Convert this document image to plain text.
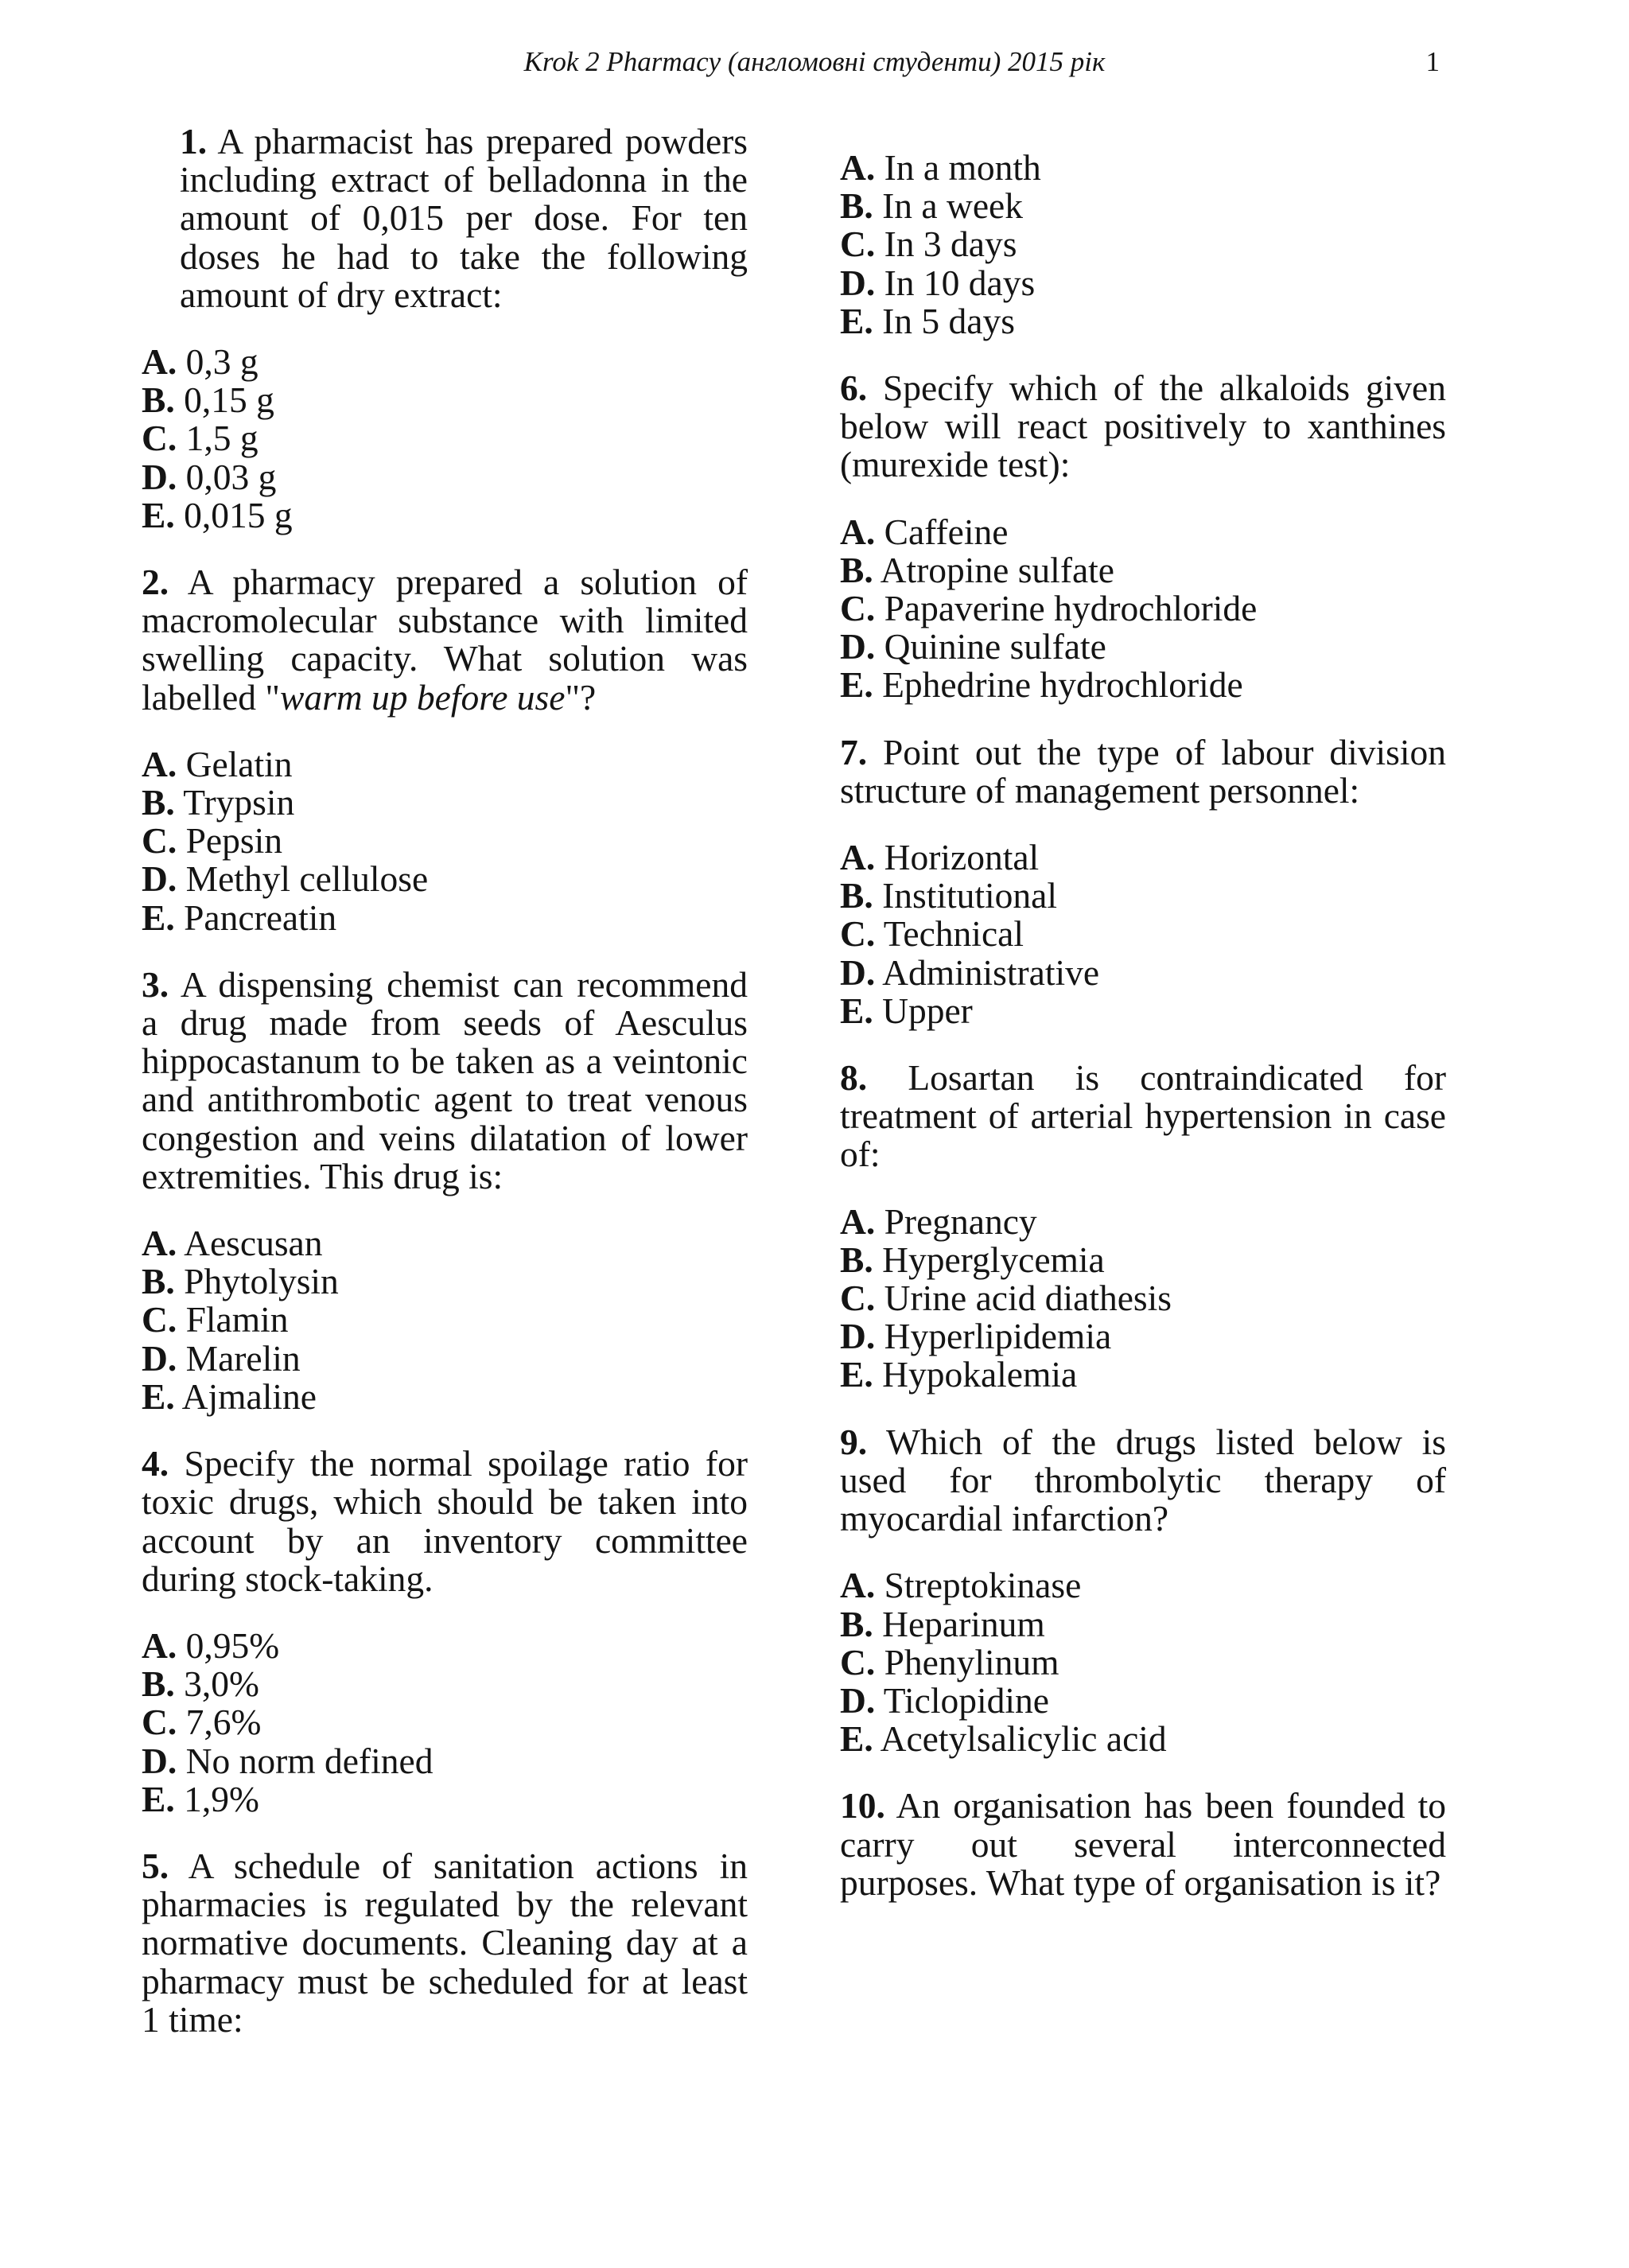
Krok 2 Pharmacy (англомовні студенти) 2015 рік	1
1. A pharmacist has prepared powders including extract of belladonna in the amount of 0,015 per dose. For ten doses he had to take the following amount of dry extract:
A. 0,3 g
B. 0,15 g
C. 1,5 g
D. 0,03 g
E. 0,015 g
2. A pharmacy prepared a solution of macromolecular substance with limited swelling capacity. What solution was labelled "warm up before use"?
A. Gelatin
B. Trypsin
C. Pepsin
D. Methyl cellulose
E. Pancreatin
3. A dispensing chemist can recommend a drug made from seeds of Aesculus hippocastanum to be taken as a veintonic and antithrombotic agent to treat venous congestion and veins dilatation of lower extremities. This drug is:
A. Aescusan
B. Phytolysin
C. Flamin
D. Marelin
E. Ajmaline
4. Specify the normal spoilage ratio for toxic drugs, which should be taken into account by an inventory committee during stock-taking.
A. 0,95%
B. 3,0%
C. 7,6%
D. No norm defined
E. 1,9%
5. A schedule of sanitation actions in pharmacies is regulated by the relevant normative documents. Cleaning day at a pharmacy must be scheduled for at least 1 time:
A. In a month
B. In a week
C. In 3 days
D. In 10 days
E. In 5 days
6. Specify which of the alkaloids given below will react positively to xanthines (murexide test):
A. Caffeine
B. Atropine sulfate
C. Papaverine hydrochloride
D. Quinine sulfate
E. Ephedrine hydrochloride
7. Point out the type of labour division structure of management personnel:
A. Horizontal
B. Institutional
C. Technical
D. Administrative
E. Upper
8. Losartan is contraindicated for treatment of arterial hypertension in case of:
A. Pregnancy
B. Hyperglycemia
C. Urine acid diathesis
D. Hyperlipidemia
E. Hypokalemia
9. Which of the drugs listed below is used for thrombolytic therapy of myocardial infarction?
A. Streptokinase
B. Heparinum
C. Phenylinum
D. Ticlopidine
E. Acetylsalicylic acid
10. An organisation has been founded to carry out several interconnected purposes. What type of organisation is it?
